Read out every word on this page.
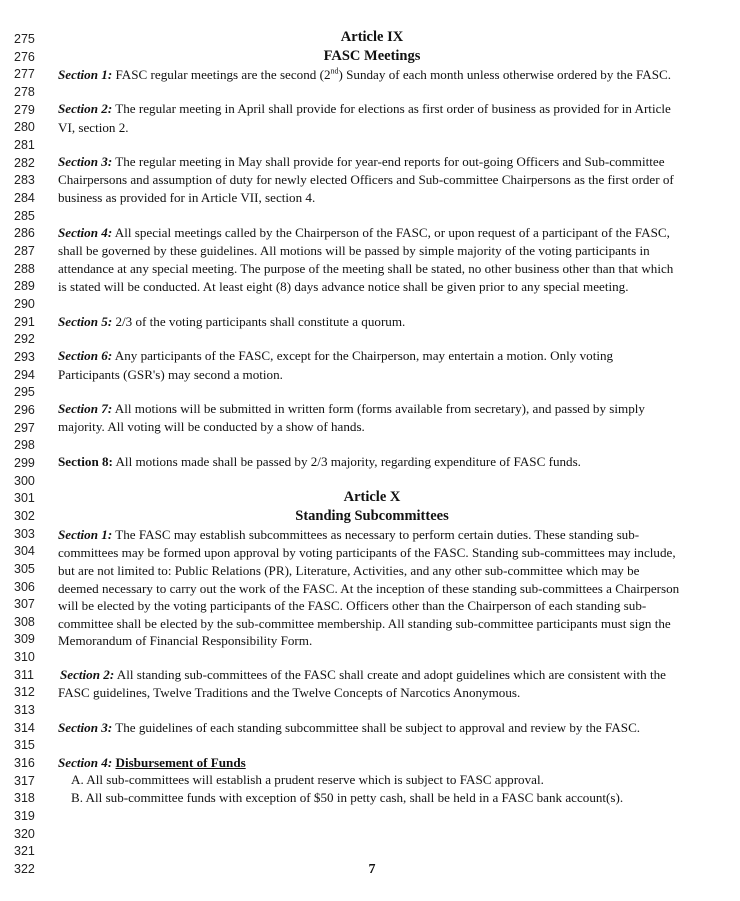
275
276
277
278
279
280
281
282
283
284
285
286
287
288
289
290
291
292
293
294
295
296
297
298
299
300
301
302
303
304
305
306
307
308
309
310
311
312
313
314
315
316
317
318
319
320
321
322
Article IX
FASC Meetings
Section 1: FASC regular meetings are the second (2nd) Sunday of each month unless otherwise ordered by the FASC.
Section 2: The regular meeting in April shall provide for elections as first order of business as provided for in Article
VI, section 2.
Section 3: The regular meeting in May shall provide for year-end reports for out-going Officers and Sub-committee
Chairpersons and assumption of duty for newly elected Officers and Sub-committee Chairpersons as the first order of
business as provided for in Article VII, section 4.
Section 4: All special meetings called by the Chairperson of the FASC, or upon request of a participant of the FASC,
shall be governed by these guidelines. All motions will be passed by simple majority of the voting participants in
attendance at any special meeting. The purpose of the meeting shall be stated, no other business other than that which
is stated will be conducted. At least eight (8) days advance notice shall be given prior to any special meeting.
Section 5: 2/3 of the voting participants shall constitute a quorum.
Section 6: Any participants of the FASC, except for the Chairperson, may entertain a motion. Only voting
Participants (GSR's) may second a motion.
Section 7: All motions will be submitted in written form (forms available from secretary), and passed by simply
majority. All voting will be conducted by a show of hands.
Section 8: All motions made shall be passed by 2/3 majority, regarding expenditure of FASC funds.
Article X
Standing Subcommittees
Section 1: The FASC may establish subcommittees as necessary to perform certain duties. These standing sub-
committees may be formed upon approval by voting participants of the FASC. Standing sub-committees may include,
but are not limited to: Public Relations (PR), Literature, Activities, and any other sub-committee which may be
deemed necessary to carry out the work of the FASC. At the inception of these standing sub-committees a Chairperson
will be elected by the voting participants of the FASC. Officers other than the Chairperson of each standing sub-
committee shall be elected by the sub-committee membership. All standing sub-committee participants must sign the
Memorandum of Financial Responsibility Form.
Section 2: All standing sub-committees of the FASC shall create and adopt guidelines which are consistent with the
FASC guidelines, Twelve Traditions and the Twelve Concepts of Narcotics Anonymous.
Section 3: The guidelines of each standing subcommittee shall be subject to approval and review by the FASC.
Section 4: Disbursement of Funds
A. All sub-committees will establish a prudent reserve which is subject to FASC approval.
B. All sub-committee funds with exception of $50 in petty cash, shall be held in a FASC bank account(s).
7
